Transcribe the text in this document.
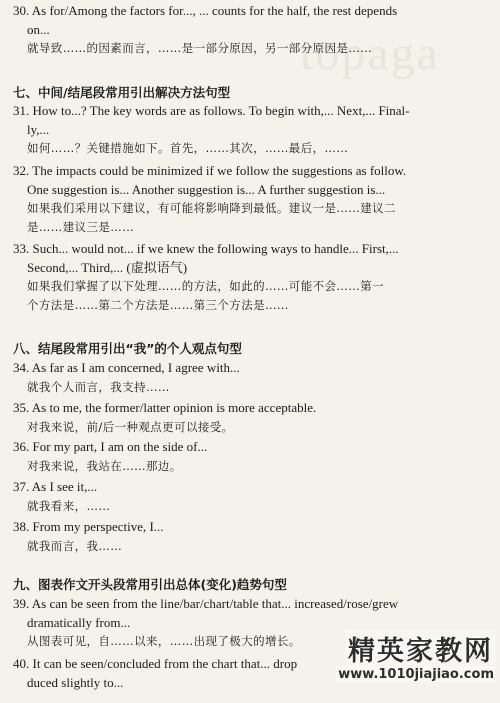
topaga
30. As for/Among the factors for..., ... counts for the half, the rest depends
on...
就导致……的因素而言，……是一部分原因，另一部分原因是……
七、中间/结尾段常用引出解决方法句型
31. How to...? The key words are as follows. To begin with,... Next,... Final-
ly,...
如何……？关键措施如下。首先，……其次，……最后，……
32. The impacts could be minimized if we follow the suggestions as follow.
One suggestion is... Another suggestion is... A further suggestion is...
如果我们采用以下建议，有可能将影响降到最低。建议一是……建议二
是……建议三是……
33. Such... would not... if we knew the following ways to handle... First,...
Second,... Third,... (虚拟语气)
如果我们掌握了以下处理……的方法，如此的……可能不会……第一
个方法是……第二个方法是……第三个方法是……
八、结尾段常用引出“我”的个人观点句型
34. As far as I am concerned, I agree with...
就我个人而言，我支持……
35. As to me, the former/latter opinion is more acceptable.
对我来说，前/后一种观点更可以接受。
36. For my part, I am on the side of...
对我来说，我站在……那边。
37. As I see it,...
就我看来，……
38. From my perspective, I...
就我而言，我……
九、图表作文开头段常用引出总体(变化)趋势句型
39. As can be seen from the line/bar/chart/table that... increased/rose/grew
dramatically from...
从图表可见，自……以来，……出现了极大的增长。
40. It can be seen/concluded from the chart that... drop
duced slightly to...
精英家教网
www.1010jiajiao.com
